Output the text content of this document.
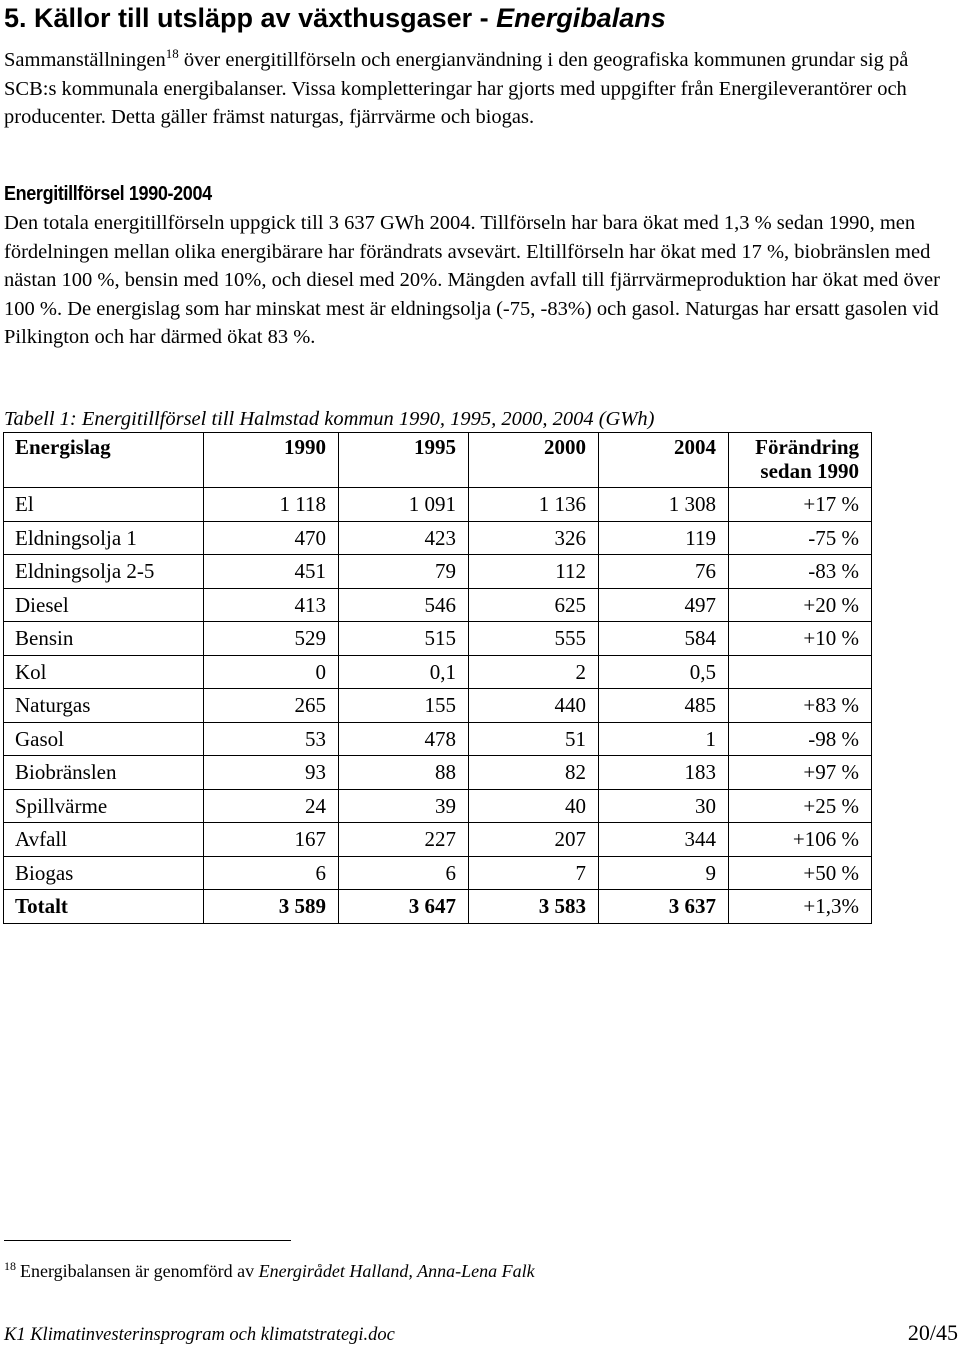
5. Källor till utsläpp av växthusgaser - Energibalans

Sammanställningen$^{18}$ över energitillförseln och energianvändning i den geografiska kommunen grundar sig på SCB:s kommunala energibalanser. Vissa kompletteringar har gjorts med uppgifter från Energileverantörer och producenter. Detta gäller främst naturgas, fjärrvärme och biogas.

Energitillförsel 1990-2004

Den totala energitillförseln uppgick till 3 637 GWh 2004. Tillförseln har bara ökat med 1,3 % sedan 1990, men fördelningen mellan olika energibärare har förändrats avsevärt. Eltillförseln har ökat med 17 %, biobränslen med nästan 100 %, bensin med 10%, och diesel med 20%. Mängden avfall till fjärrvärmeproduktion har ökat med över 100 %. De energislag som har minskat mest är eldningsolja (-75, -83%) och gasol. Naturgas har ersatt gasolen vid Pilkington och har därmed ökat 83 %.

Tabell 1: Energitillförsel till Halmstad kommun 1990, 1995, 2000, 2004 (GWh)

Energislag	1990	1995	2000	2004	Förändring
sedan 1990
El	1 118	1 091	1 136	1 308	+17 %
Eldningsolja 1	470	423	326	119	-75 %
Eldningsolja 2-5	451	79	112	76	-83 %
Diesel	413	546	625	497	+20 %
Bensin	529	515	555	584	+10 %
Kol	0	0,1	2	0,5	
Naturgas	265	155	440	485	+83 %
Gasol	53	478	51	1	-98 %
Biobränslen	93	88	82	183	+97 %
Spillvärme	24	39	40	30	+25 %
Avfall	167	227	207	344	+106 %
Biogas	6	6	7	9	+50 %
Totalt	3 589	3 647	3 583	3 637	+1,3%

$^{18}$ Energibalansen är genomförd av Energirådet Halland, Anna-Lena Falk

K1 Klimatinvesterinsprogram och klimatstrategi.doc	20/45
